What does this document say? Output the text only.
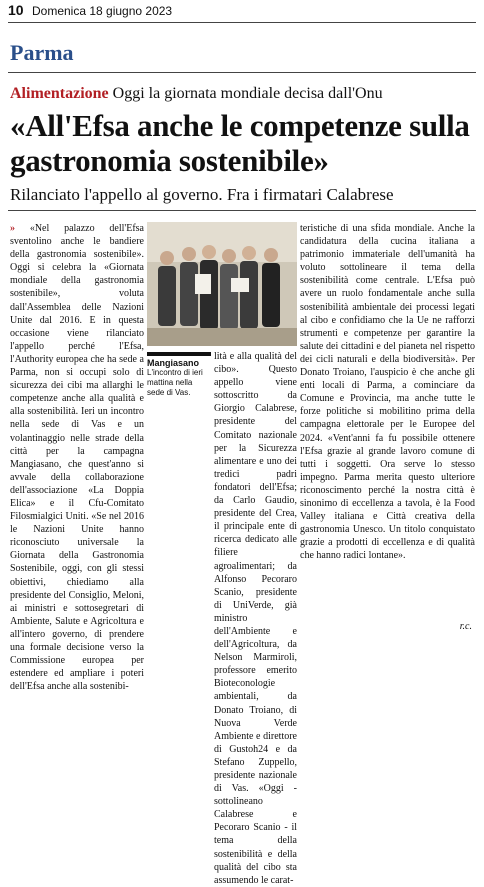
10 Domenica 18 giugno 2023
Parma
Alimentazione Oggi la giornata mondiale decisa dall'Onu
«All'Efsa anche le competenze sulla gastronomia sostenibile»
Rilanciato l'appello al governo. Fra i firmatari Calabrese
» «Nel palazzo dell'Efsa sventolino anche le bandiere della gastronomia sostenibile». Oggi si celebra la «Giornata mondiale della gastronomia sostenibile», voluta dall'Assemblea delle Nazioni Unite dal 2016. E in questa occasione viene rilanciato l'appello perché l'Efsa, l'Authority europea che ha sede a Parma, non si occupi solo di sicurezza dei cibi ma allarghi le competenze anche alla qualità e alla sostenibilità. Ieri un incontro nella sede di Vas e un volantinaggio nelle strade della città per la campagna Mangiasano, che quest'anno si avvale della collaborazione dell'associazione «La Doppia Elica» e il Cfu-Comitato Filosmialgici Uniti. «Se nel 2016 le Nazioni Unite hanno riconosciuto universale la Giornata della Gastronomia Sostenibile, oggi, con gli stessi obiettivi, chiediamo alla presidente del Consiglio, Meloni, ai ministri e sottosegretari di Ambiente, Salute e Agricoltura e all'intero governo, di prendere una formale decisione verso la Commissione europea per estendere ed ampliare i poteri dell'Efsa anche alla sostenibi-
Mangiasano
L'incontro di ieri mattina nella sede di Vas.
lità e alla qualità del cibo». Questo appello viene sottoscritto da Giorgio Calabrese, presidente del Comitato nazionale per la Sicurezza alimentare e uno dei tredici padri fondatori dell'Efsa; da Carlo Gaudio, presidente del Crea, il principale ente di ricerca dedicato alle filiere agroalimentari; da Alfonso Pecoraro Scanio, presidente di UniVerde, già ministro dell'Ambiente e dell'Agricoltura, da Nelson Marmiroli, professore emerito Bioteconologie ambientali, da Donato Troiano, di Nuova Verde Ambiente e direttore di Gustoh24 e da Stefano Zuppello, presidente nazionale di Vas. «Oggi - sottolineano Calabrese e Pecoraro Scanio - il tema della sostenibilità e della qualità del cibo sta assumendo le carat-
teristiche di una sfida mondiale. Anche la candidatura della cucina italiana a patrimonio immateriale dell'umanità ha voluto sottolineare il tema della sostenibilità come centrale. L'Efsa può avere un ruolo fondamentale anche sulla sostenibilità ambientale dei processi legati al cibo e confidiamo che la Ue ne rafforzi strumenti e competenze per garantire la salute dei cittadini e del pianeta nel rispetto dei cicli naturali e della biodiversità». Per Donato Troiano, l'auspicio è che anche gli enti locali di Parma, a cominciare da Comune e Provincia, ma anche tutte le forze politiche si mobilitino prima della campagna elettorale per le Europee del 2024. «Vent'anni fa fu possibile ottenere l'Efsa grazie al grande lavoro comune di tutti i soggetti. Ora serve lo stesso impegno. Parma merita questo ulteriore riconoscimento perché la nostra città è sinonimo di eccellenza a tavola, è la Food Valley italiana e Città creativa della gastronomia Unesco. Un titolo conquistato grazie a prodotti di eccellenza e di qualità che hanno radici lontane».
r.c.
